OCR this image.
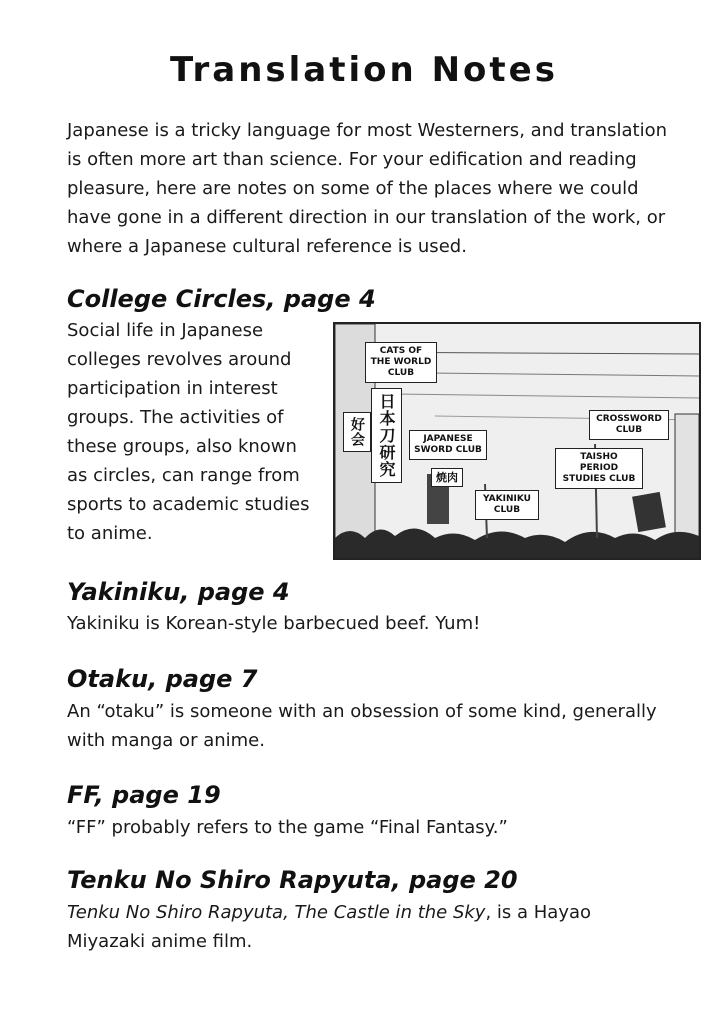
Translation Notes
Japanese is a tricky language for most Westerners, and translation is often more art than science. For your edification and reading pleasure, here are notes on some of the places where we could have gone in a different direction in our translation of the work, or where a Japanese cultural reference is used.
College Circles, page 4
Social life in Japanese colleges revolves around participation in interest groups. The activities of these groups, also known as circles, can range from sports to academic studies to anime.
日本刀研究
好会
焼肉
CATS OF THE WORLD CLUB
JAPANESE SWORD CLUB
CROSSWORD CLUB
TAISHO PERIOD STUDIES CLUB
YAKINIKU CLUB
Yakiniku, page 4
Yakiniku is Korean-style barbecued beef. Yum!
Otaku, page 7
An “otaku” is someone with an obsession of some kind, generally with manga or anime.
FF, page 19
“FF” probably refers to the game “Final Fantasy.”
Tenku No Shiro Rapyuta, page 20
Tenku No Shiro Rapyuta, The Castle in the Sky, is a Hayao Miyazaki anime film.
